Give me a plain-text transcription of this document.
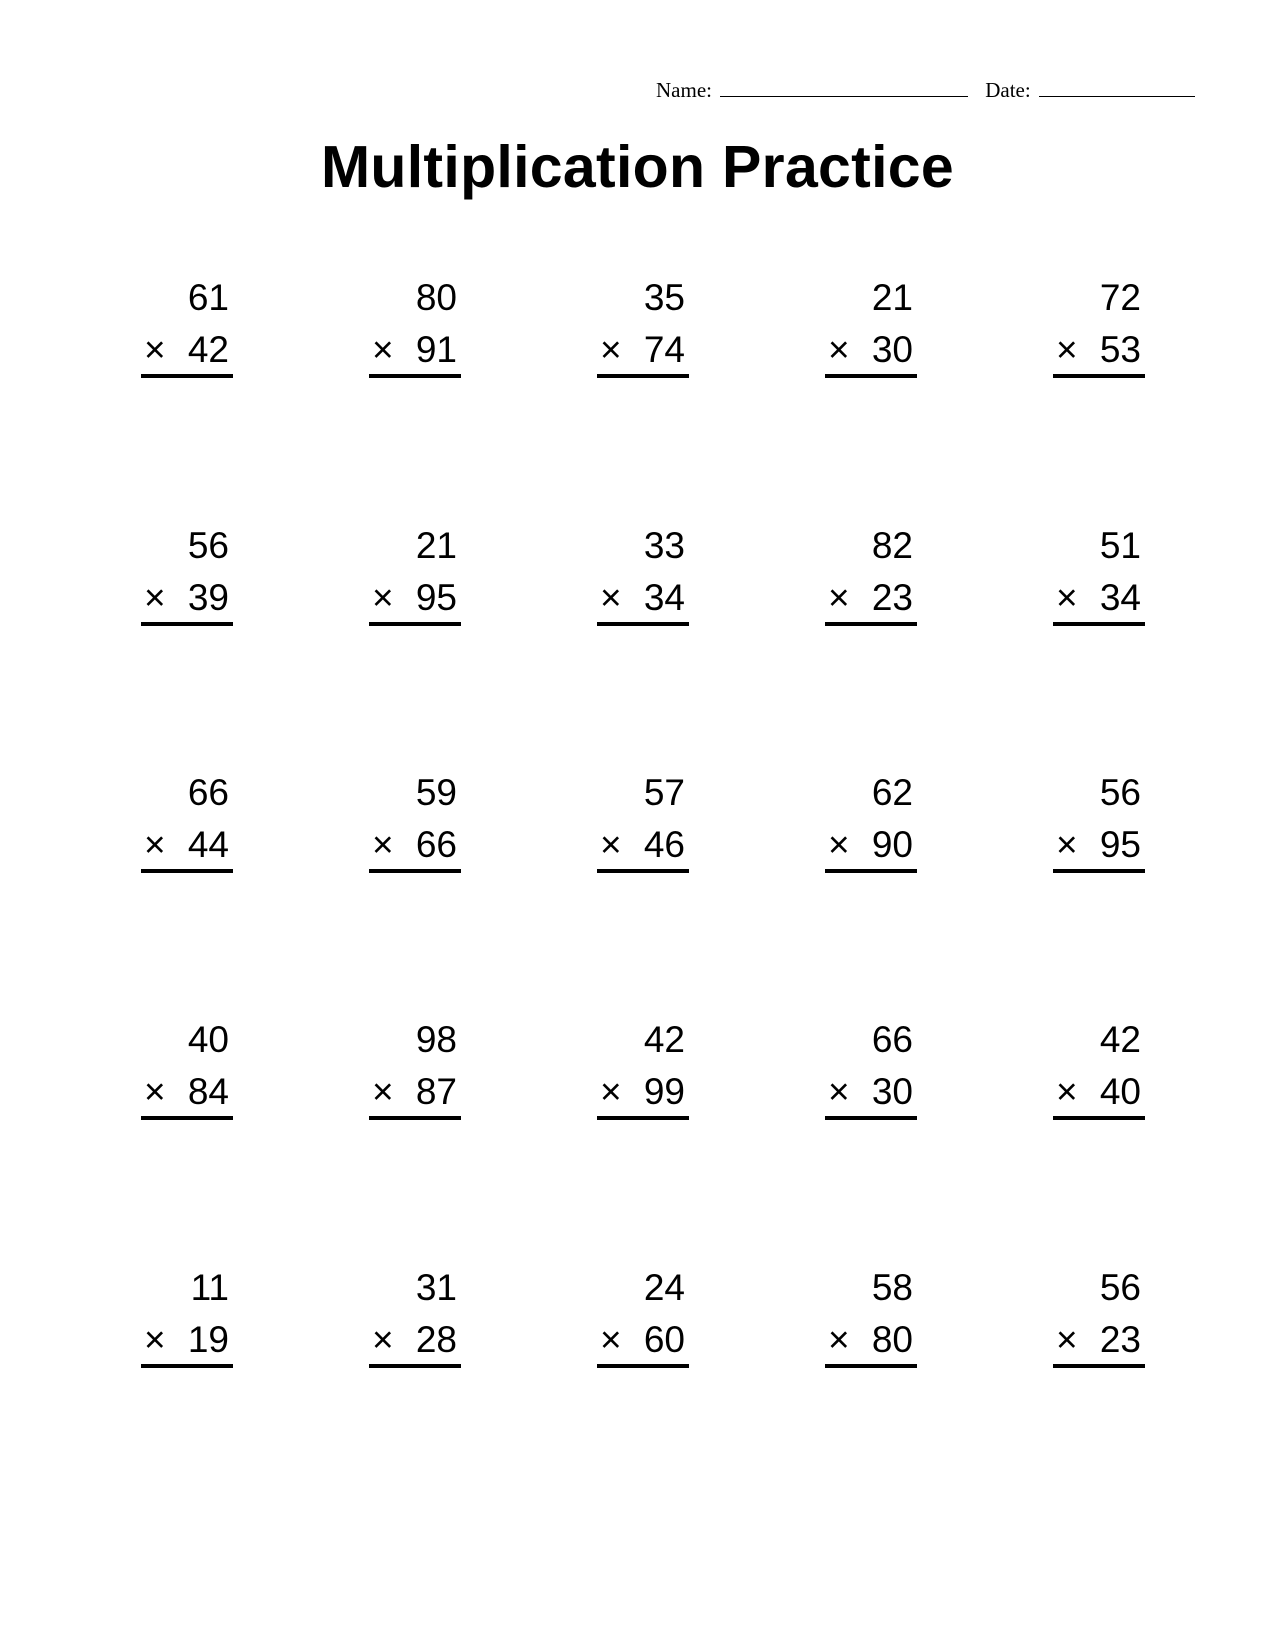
Name:	Date:
Multiplication Practice
61
× 42
80
× 91
35
× 74
21
× 30
72
× 53
56
× 39
21
× 95
33
× 34
82
× 23
51
× 34
66
× 44
59
× 66
57
× 46
62
× 90
56
× 95
40
× 84
98
× 87
42
× 99
66
× 30
42
× 40
11
× 19
31
× 28
24
× 60
58
× 80
56
× 23
